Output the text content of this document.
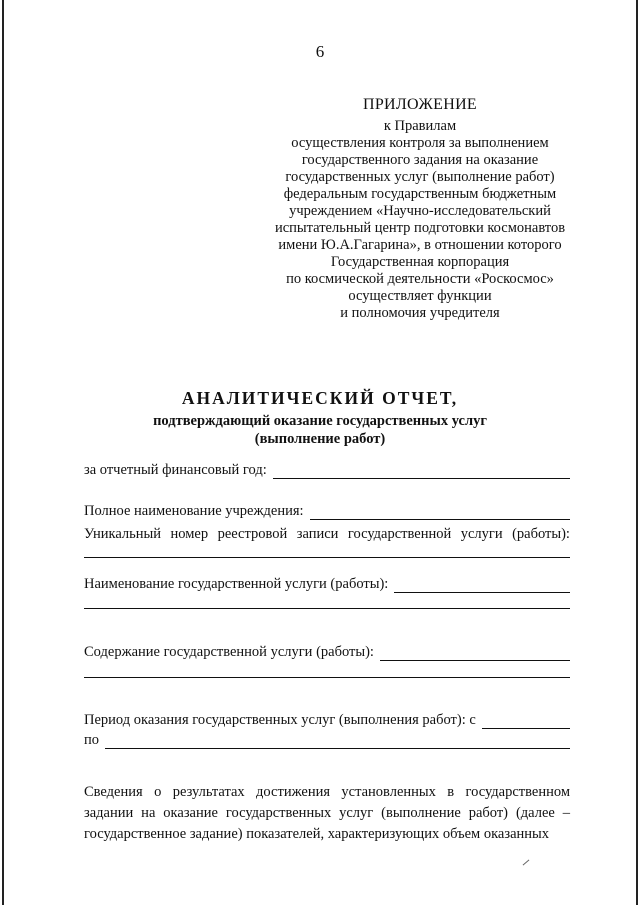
6
ПРИЛОЖЕНИЕ
к Правилам
осуществления контроля за выполнением
государственного задания на оказание
государственных услуг (выполнение работ)
федеральным государственным бюджетным
учреждением «Научно-исследовательский
испытательный центр подготовки космонавтов
имени Ю.А.Гагарина», в отношении которого
Государственная корпорация
по космической деятельности «Роскосмос»
осуществляет функции
и полномочия учредителя
АНАЛИТИЧЕСКИЙ ОТЧЕТ,
подтверждающий оказание государственных услуг
(выполнение работ)
за отчетный финансовый год:
Полное наименование учреждения:
Уникальный номер реестровой записи государственной услуги (работы):
Наименование государственной услуги (работы):
Содержание государственной услуги (работы):
Период оказания государственных услуг (выполнения работ): с
по
Сведения о результатах достижения установленных в государственном задании на оказание государственных услуг (выполнение работ) (далее – государственное задание) показателей, характеризующих объем оказанных
